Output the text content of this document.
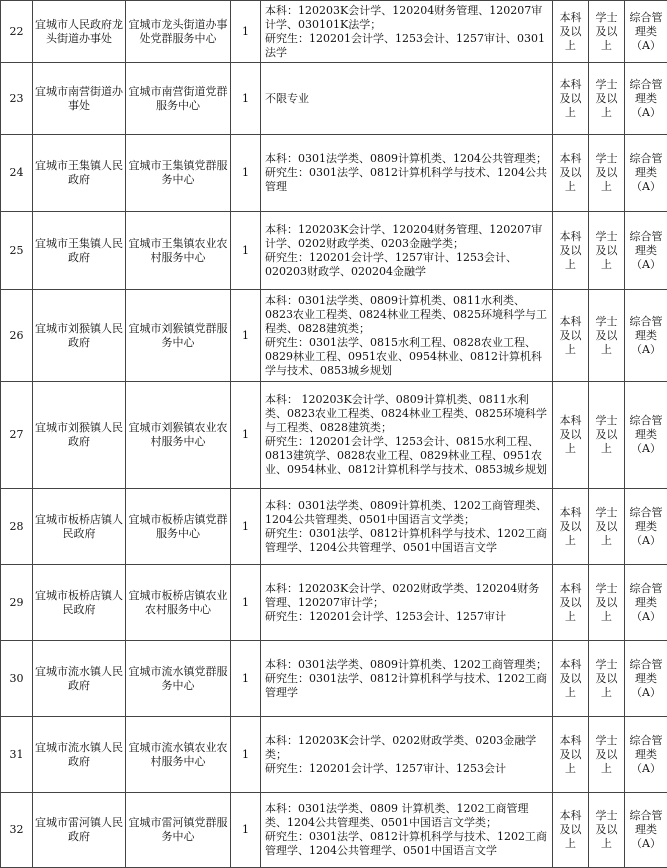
22	宜城市人民政府龙头街道办事处	宜城市龙头街道办事处党群服务中心	1	本科：120203K会计学、120204财务管理、120207审计学、030101K法学；
研究生：120201会计学、1253会计、1257审计、0301法学	本科及以上	学士及以上	综合管理类（A）
23	宜城市南营街道办事处	宜城市南营街道党群服务中心	1	不限专业	本科及以上	学士及以上	综合管理类（A）
24	宜城市王集镇人民政府	宜城市王集镇党群服务中心	1	本科：0301法学类、0809计算机类、1204公共管理类；
研究生：0301法学、0812计算机科学与技术、1204公共管理	本科及以上	学士及以上	综合管理类（A）
25	宜城市王集镇人民政府	宜城市王集镇农业农村服务中心	1	本科：120203K会计学、120204财务管理、120207审计学、0202财政学类、0203金融学类；
研究生：120201会计学、1257审计、1253会计、020203财政学、020204金融学	本科及以上	学士及以上	综合管理类（A）
26	宜城市刘猴镇人民政府	宜城市刘猴镇党群服务中心	1	本科：0301法学类、0809计算机类、0811水利类、0823农业工程类、0824林业工程类、0825环境科学与工程类、0828建筑类；
研究生：0301法学、0815水利工程、0828农业工程、0829林业工程、0951农业、0954林业、0812计算机科学与技术、0853城乡规划	本科及以上	学士及以上	综合管理类（A）
27	宜城市刘猴镇人民政府	宜城市刘猴镇农业农村服务中心	1	本科： 120203K会计学、0809计算机类、0811水利类、0823农业工程类、0824林业工程类、0825环境科学与工程类、0828建筑类；
研究生：120201会计学、1253会计、0815水利工程、0813建筑学、0828农业工程、0829林业工程、0951农业、0954林业、0812计算机科学与技术、0853城乡规划	本科及以上	学士及以上	综合管理类（A）
28	宜城市板桥店镇人民政府	宜城市板桥店镇党群服务中心	1	本科：0301法学类、0809计算机类、1202工商管理类、1204公共管理类、0501中国语言文学类；
研究生：0301法学、0812计算机科学与技术、1202工商管理学、1204公共管理学、0501中国语言文学	本科及以上	学士及以上	综合管理类（A）
29	宜城市板桥店镇人民政府	宜城市板桥店镇农业农村服务中心	1	本科：120203K会计学、0202财政学类、120204财务管理、120207审计学；
研究生：120201会计学、1253会计、1257审计	本科及以上	学士及以上	综合管理类（A）
30	宜城市流水镇人民政府	宜城市流水镇党群服务中心	1	本科：0301法学类、0809计算机类、1202工商管理类；
研究生：0301法学、0812计算机科学与技术、1202工商管理学	本科及以上	学士及以上	综合管理类（A）
31	宜城市流水镇人民政府	宜城市流水镇农业农村服务中心	1	本科：120203K会计学、0202财政学类、0203金融学类；
研究生：120201会计学、1257审计、1253会计	本科及以上	学士及以上	综合管理类（A）
32	宜城市雷河镇人民政府	宜城市雷河镇党群服务中心	1	本科：0301法学类、0809 计算机类、1202工商管理类、1204公共管理类、0501中国语言文学类；
研究生：0301法学、0812计算机科学与技术、1202工商管理学、1204公共管理学、0501中国语言文学	本科及以上	学士及以上	综合管理类（A）
